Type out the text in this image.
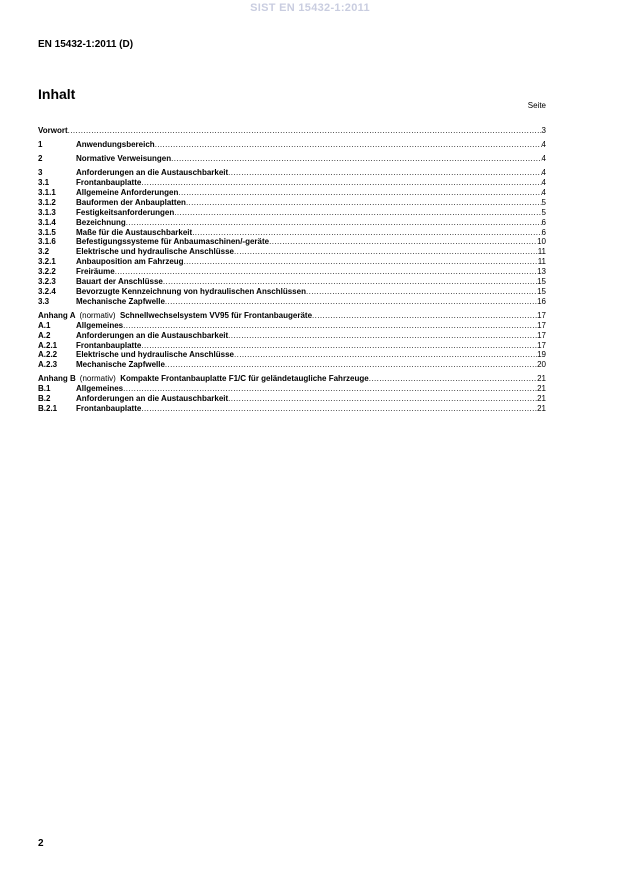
SIST EN 15432-1:2011
EN 15432-1:2011 (D)
Inhalt
Seite
Vorwort .....	3
1	Anwendungsbereich .....	4
2	Normative Verweisungen .....	4
3	Anforderungen an die Austauschbarkeit .....	4
3.1	Frontanbauplatte .....	4
3.1.1	Allgemeine Anforderungen .....	4
3.1.2	Bauformen der Anbauplatten .....	5
3.1.3	Festigkeitsanforderungen .....	5
3.1.4	Bezeichnung .....	6
3.1.5	Maße für die Austauschbarkeit .....	6
3.1.6	Befestigungssysteme für Anbaumaschinen/-geräte .....	10
3.2	Elektrische und hydraulische Anschlüsse .....	11
3.2.1	Anbauposition am Fahrzeug .....	11
3.2.2	Freiräume .....	13
3.2.3	Bauart der Anschlüsse .....	15
3.2.4	Bevorzugte Kennzeichnung von hydraulischen Anschlüssen .....	15
3.3	Mechanische Zapfwelle .....	16
Anhang A (normativ) Schnellwechselsystem VV95 für Frontanbaugeräte .....	17
A.1	Allgemeines .....	17
A.2	Anforderungen an die Austauschbarkeit .....	17
A.2.1	Frontanbauplatte .....	17
A.2.2	Elektrische und hydraulische Anschlüsse .....	19
A.2.3	Mechanische Zapfwelle .....	20
Anhang B (normativ) Kompakte Frontanbauplatte F1/C für geländetaugliche Fahrzeuge .....	21
B.1	Allgemeines .....	21
B.2	Anforderungen an die Austauschbarkeit .....	21
B.2.1	Frontanbauplatte .....	21
2
